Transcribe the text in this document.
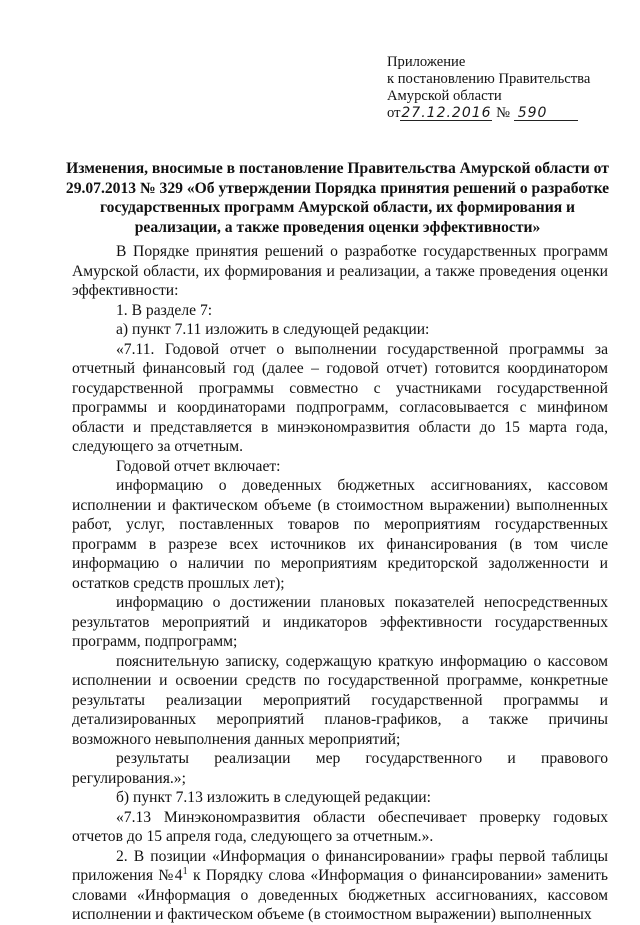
Приложение
к постановлению Правительства
Амурской области
от27.12.2016 № 590
Изменения, вносимые в постановление Правительства Амурской области от 29.07.2013 № 329 «Об утверждении Порядка принятия решений о разработке государственных программ Амурской области, их формирования и реализации, а также проведения оценки эффективности»

В Порядке принятия решений о разработке государственных программ Амурской области, их формирования и реализации, а также проведения оценки эффективности:

1. В разделе 7:

а) пункт 7.11 изложить в следующей редакции:

«7.11. Годовой отчет о выполнении государственной программы за отчетный финансовый год (далее – годовой отчет) готовится координатором государственной программы совместно с участниками государственной программы и координаторами подпрограмм, согласовывается с минфином области и представляется в минэкономразвития области до 15 марта года, следующего за отчетным.

Годовой отчет включает:

информацию о доведенных бюджетных ассигнованиях, кассовом исполнении и фактическом объеме (в стоимостном выражении) выполненных работ, услуг, поставленных товаров по мероприятиям государственных программ в разрезе всех источников их финансирования (в том числе информацию о наличии по мероприятиям кредиторской задолженности и остатков средств прошлых лет);

информацию о достижении плановых показателей непосредственных результатов мероприятий и индикаторов эффективности государственных программ, подпрограмм;

пояснительную записку, содержащую краткую информацию о кассовом исполнении и освоении средств по государственной программе, конкретные результаты реализации мероприятий государственной программы и детализированных мероприятий планов-графиков, а также причины возможного невыполнения данных мероприятий;

результаты реализации мер государственного и правового регулирования.»;

б) пункт 7.13 изложить в следующей редакции:

«7.13 Минэкономразвития области обеспечивает проверку годовых отчетов до 15 апреля года, следующего за отчетным.».

2. В позиции «Информация о финансировании» графы первой таблицы приложения $№4^1$ к Порядку слова «Информация о финансировании» заменить словами «Информация о доведенных бюджетных ассигнованиях, кассовом исполнении и фактическом объеме (в стоимостном выражении) выполненных
